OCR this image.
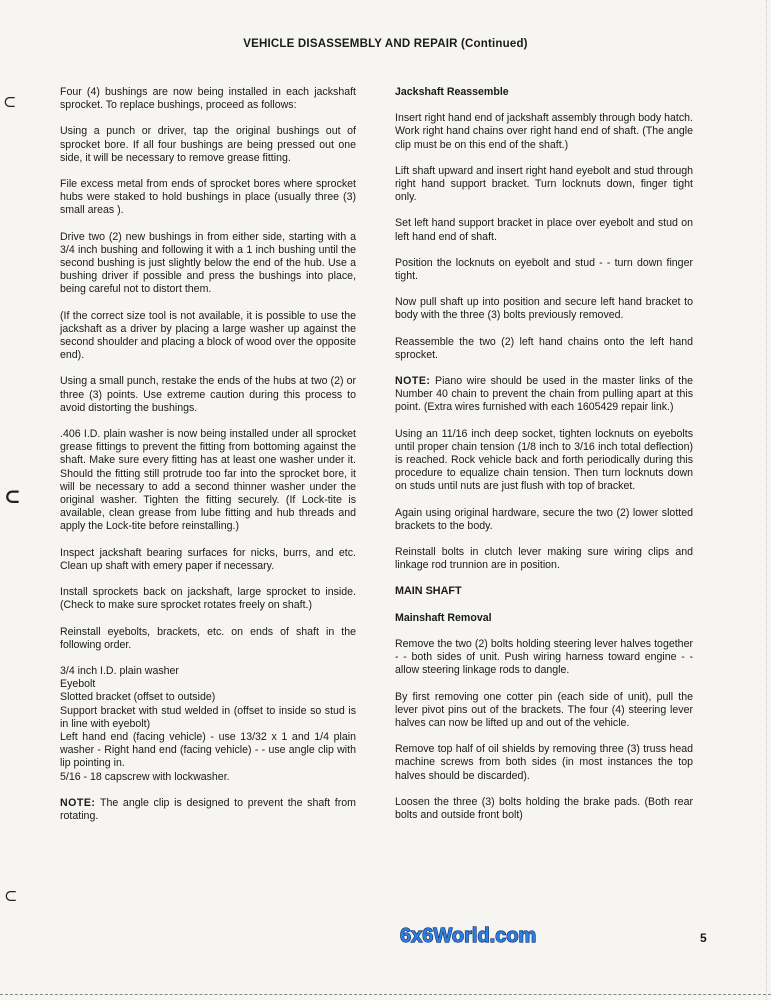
VEHICLE DISASSEMBLY AND REPAIR (Continued)

Four (4) bushings are now being installed in each jackshaft sprocket. To replace bushings, proceed as follows:

Using a punch or driver, tap the original bushings out of sprocket bore. If all four bushings are being pressed out one side, it will be necessary to remove grease fitting.

File excess metal from ends of sprocket bores where sprocket hubs were staked to hold bushings in place (usually three (3) small areas ).

Drive two (2) new bushings in from either side, starting with a 3/4 inch bushing and following it with a 1 inch bushing until the second bushing is just slightly below the end of the hub. Use a bushing driver if possible and press the bushings into place, being careful not to distort them.

(If the correct size tool is not available, it is possible to use the jackshaft as a driver by placing a large washer up against the second shoulder and placing a block of wood over the opposite end).

Using a small punch, restake the ends of the hubs at two (2) or three (3) points. Use extreme caution during this process to avoid distorting the bushings.

.406 I.D. plain washer is now being installed under all sprocket grease fittings to prevent the fitting from bottoming against the shaft. Make sure every fitting has at least one washer under it. Should the fitting still protrude too far into the sprocket bore, it will be necessary to add a second thinner washer under the original washer. Tighten the fitting securely. (If Lock-tite is available, clean grease from lube fitting and hub threads and apply the Lock-tite before reinstalling.)

Inspect jackshaft bearing surfaces for nicks, burrs, and etc. Clean up shaft with emery paper if necessary.

Install sprockets back on jackshaft, large sprocket to inside. (Check to make sure sprocket rotates freely on shaft.)

Reinstall eyebolts, brackets, etc. on ends of shaft in the following order.

3/4 inch I.D. plain washer
Eyebolt
Slotted bracket (offset to outside)
Support bracket with stud welded in (offset to inside so stud is in line with eyebolt)
Left hand end (facing vehicle) - use 13/32 x 1 and 1/4 plain washer - Right hand end (facing vehicle) - - use angle clip with lip pointing in.
5/16 - 18 capscrew with lockwasher.

NOTE: The angle clip is designed to prevent the shaft from rotating.

Jackshaft Reassemble

Insert right hand end of jackshaft assembly through body hatch. Work right hand chains over right hand end of shaft. (The angle clip must be on this end of the shaft.)

Lift shaft upward and insert right hand eyebolt and stud through right hand support bracket. Turn locknuts down, finger tight only.

Set left hand support bracket in place over eyebolt and stud on left hand end of shaft.

Position the locknuts on eyebolt and stud - - turn down finger tight.

Now pull shaft up into position and secure left hand bracket to body with the three (3) bolts previously removed.

Reassemble the two (2) left hand chains onto the left hand sprocket.

NOTE: Piano wire should be used in the master links of the Number 40 chain to prevent the chain from pulling apart at this point. (Extra wires furnished with each 1605429 repair link.)

Using an 11/16 inch deep socket, tighten locknuts on eyebolts until proper chain tension (1/8 inch to 3/16 inch total deflection) is reached. Rock vehicle back and forth periodically during this procedure to equalize chain tension. Then turn locknuts down on studs until nuts are just flush with top of bracket.

Again using original hardware, secure the two (2) lower slotted brackets to the body.

Reinstall bolts in clutch lever making sure wiring clips and linkage rod trunnion are in position.

MAIN SHAFT
Mainshaft Removal

Remove the two (2) bolts holding steering lever halves together - - both sides of unit. Push wiring harness toward engine - - allow steering linkage rods to dangle.

By first removing one cotter pin (each side of unit), pull the lever pivot pins out of the brackets. The four (4) steering lever halves can now be lifted up and out of the vehicle.

Remove top half of oil shields by removing three (3) truss head machine screws from both sides (in most instances the top halves should be discarded).

Loosen the three (3) bolts holding the brake pads. (Both rear bolts and outside front bolt)

6x6World.com	5
⊂
⊂
⊂
